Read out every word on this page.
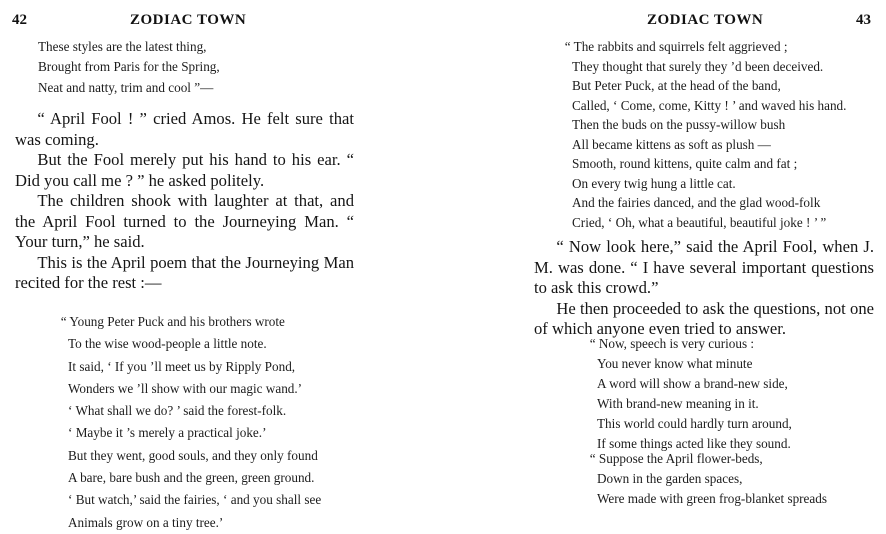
42	ZODIAC TOWN
These styles are the latest thing,
Brought from Paris for the Spring,
Neat and natty, trim and cool ”—

“ April Fool ! ” cried Amos. He felt sure that was coming.

But the Fool merely put his hand to his ear. “ Did you call me ? ” he asked politely.

The children shook with laughter at that, and the April Fool turned to the Journeying Man. “ Your turn,” he said.

This is the April poem that the Journeying Man recited for the rest :—

“ Young Peter Puck and his brothers wrote
To the wise wood-people a little note.
It said, ‘ If you ’ll meet us by Ripply Pond,
Wonders we ’ll show with our magic wand.’
‘ What shall we do? ’ said the forest-folk.
‘ Maybe it ’s merely a practical joke.’
But they went, good souls, and they only found
A bare, bare bush and the green, green ground.
‘ But watch,’ said the fairies, ‘ and you shall see
Animals grow on a tiny tree.’
ZODIAC TOWN	43
“ The rabbits and squirrels felt aggrieved ;
They thought that surely they ’d been deceived.
But Peter Puck, at the head of the band,
Called, ‘ Come, come, Kitty ! ’ and waved his hand.
Then the buds on the pussy-willow bush
All became kittens as soft as plush —
Smooth, round kittens, quite calm and fat ;
On every twig hung a little cat.
And the fairies danced, and the glad wood-folk
Cried, ‘ Oh, what a beautiful, beautiful joke ! ’ ”

“ Now look here,” said the April Fool, when J. M. was done. “ I have several important questions to ask this crowd.”

He then proceeded to ask the questions, not one of which anyone even tried to answer.

“ Now, speech is very curious :
You never know what minute
A word will show a brand-new side,
With brand-new meaning in it.
This world could hardly turn around,
If some things acted like they sound.
“ Suppose the April flower-beds,
Down in the garden spaces,
Were made with green frog-blanket spreads
